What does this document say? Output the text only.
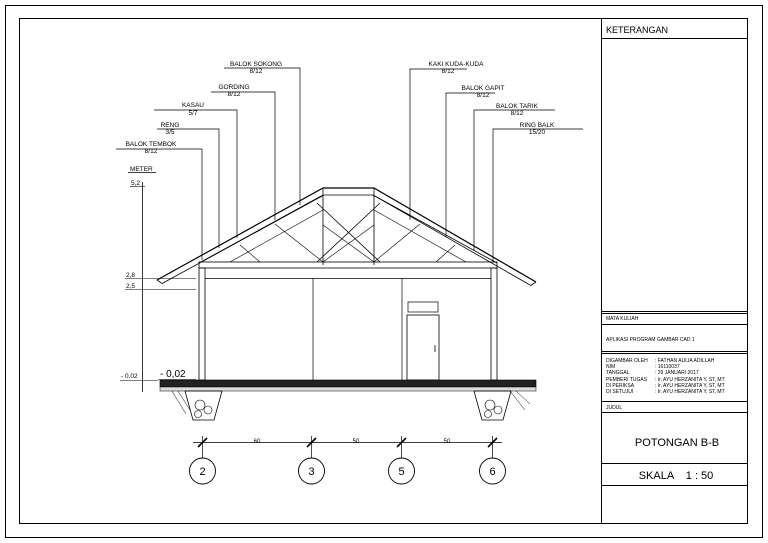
KETERANGAN
MATA KULIAH
APLIKASI PROGRAM GAMBAR CAD 1
DIGAMBAR OLEH : FATHAN AULIA ADILLAH
NIM	: 16110037
TANGGAL	: 29 JANUARI 2017
PEMBERI TUGAS : Ir. AYU HERZANITA Y, ST, MT
DI PERIKSA	: Ir. AYU HERZANITA Y, ST, MT
DI SETUJUI	: Ir. AYU HERZANITA Y, ST, MT
JUDUL
POTONGAN B-B
SKALA    1 : 50
METER
5,2
2,8
2,5
- 0,02 - 0,02
BALOK SOKONG
8/12
GORDING
8/12
KASAU
5/7
RENG
3/5
BALOK TEMBOK
8/12
KAKI KUDA-KUDA
8/12
BALOK GAPIT
8/12
BALOK TARIK
8/12
RING BALK
15/20
60	50	50
2	3	5	6
